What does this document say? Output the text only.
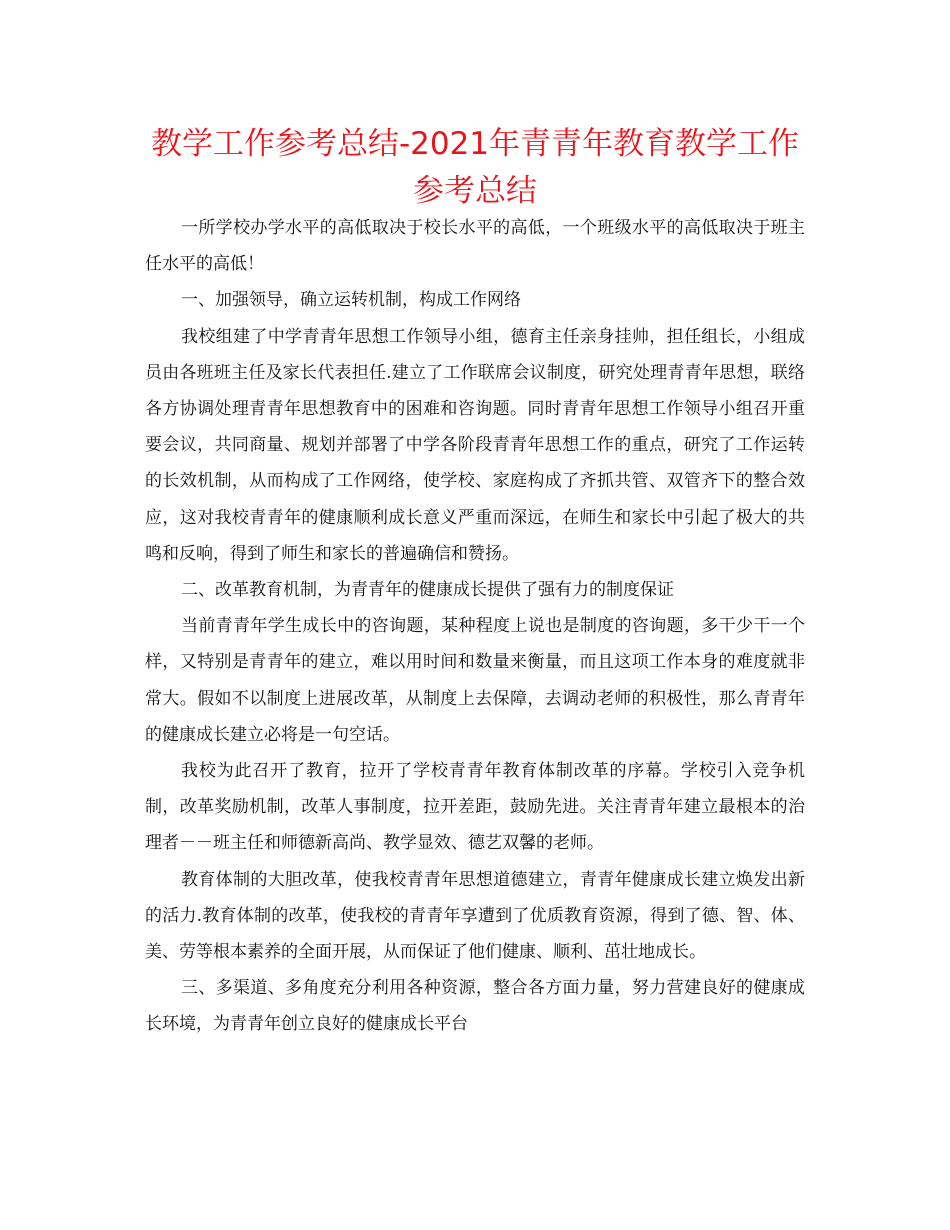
教学工作参考总结-2021年青青年教育教学工作
参考总结

一所学校办学水平的高低取决于校长水平的高低，一个班级水平的高低取决于班主任水平的高低！

一、加强领导，确立运转机制，构成工作网络

我校组建了中学青青年思想工作领导小组，德育主任亲身挂帅，担任组长，小组成员由各班班主任及家长代表担任.建立了工作联席会议制度，研究处理青青年思想，联络各方协调处理青青年思想教育中的困难和咨询题。同时青青年思想工作领导小组召开重要会议，共同商量、规划并部署了中学各阶段青青年思想工作的重点，研究了工作运转的长效机制，从而构成了工作网络，使学校、家庭构成了齐抓共管、双管齐下的整合效应，这对我校青青年的健康顺利成长意义严重而深远，在师生和家长中引起了极大的共鸣和反响，得到了师生和家长的普遍确信和赞扬。

二、改革教育机制，为青青年的健康成长提供了强有力的制度保证

当前青青年学生成长中的咨询题，某种程度上说也是制度的咨询题，多干少干一个样，又特别是青青年的建立，难以用时间和数量来衡量，而且这项工作本身的难度就非常大。假如不以制度上进展改革，从制度上去保障，去调动老师的积极性，那么青青年的健康成长建立必将是一句空话。

我校为此召开了教育，拉开了学校青青年教育体制改革的序幕。学校引入竞争机制，改革奖励机制，改革人事制度，拉开差距，鼓励先进。关注青青年建立最根本的治理者－－班主任和师德新高尚、教学显效、德艺双馨的老师。

教育体制的大胆改革，使我校青青年思想道德建立，青青年健康成长建立焕发出新的活力.教育体制的改革，使我校的青青年享遭到了优质教育资源，得到了德、智、体、美、劳等根本素养的全面开展，从而保证了他们健康、顺利、茁壮地成长。

三、多渠道、多角度充分利用各种资源，整合各方面力量，努力营建良好的健康成长环境，为青青年创立良好的健康成长平台
